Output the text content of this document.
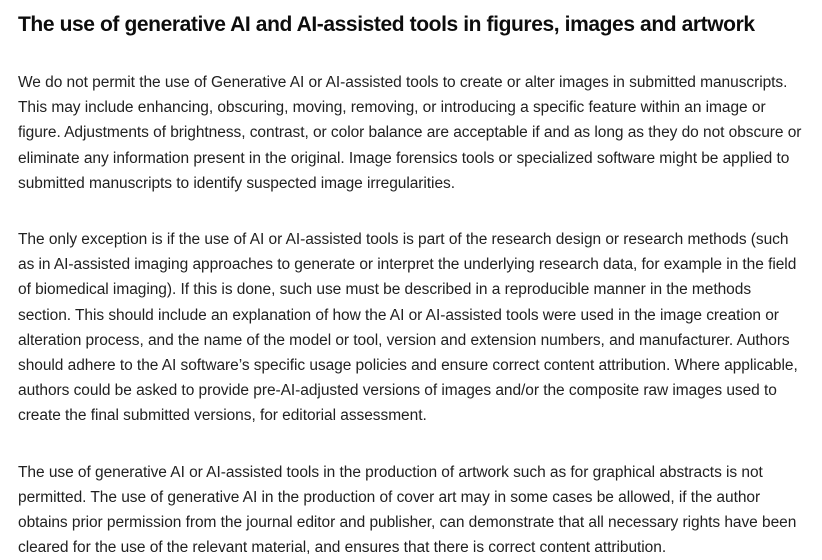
The use of generative AI and AI-assisted tools in figures, images and artwork

We do not permit the use of Generative AI or AI-assisted tools to create or alter images in submitted manuscripts. This may include enhancing, obscuring, moving, removing, or introducing a specific feature within an image or figure. Adjustments of brightness, contrast, or color balance are acceptable if and as long as they do not obscure or eliminate any information present in the original. Image forensics tools or specialized software might be applied to submitted manuscripts to identify suspected image irregularities.

The only exception is if the use of AI or AI-assisted tools is part of the research design or research methods (such as in AI-assisted imaging approaches to generate or interpret the underlying research data, for example in the field of biomedical imaging). If this is done, such use must be described in a reproducible manner in the methods section. This should include an explanation of how the AI or AI-assisted tools were used in the image creation or alteration process, and the name of the model or tool, version and extension numbers, and manufacturer. Authors should adhere to the AI software’s specific usage policies and ensure correct content attribution. Where applicable, authors could be asked to provide pre-AI-adjusted versions of images and/or the composite raw images used to create the final submitted versions, for editorial assessment.

The use of generative AI or AI-assisted tools in the production of artwork such as for graphical abstracts is not permitted. The use of generative AI in the production of cover art may in some cases be allowed, if the author obtains prior permission from the journal editor and publisher, can demonstrate that all necessary rights have been cleared for the use of the relevant material, and ensures that there is correct content attribution.
